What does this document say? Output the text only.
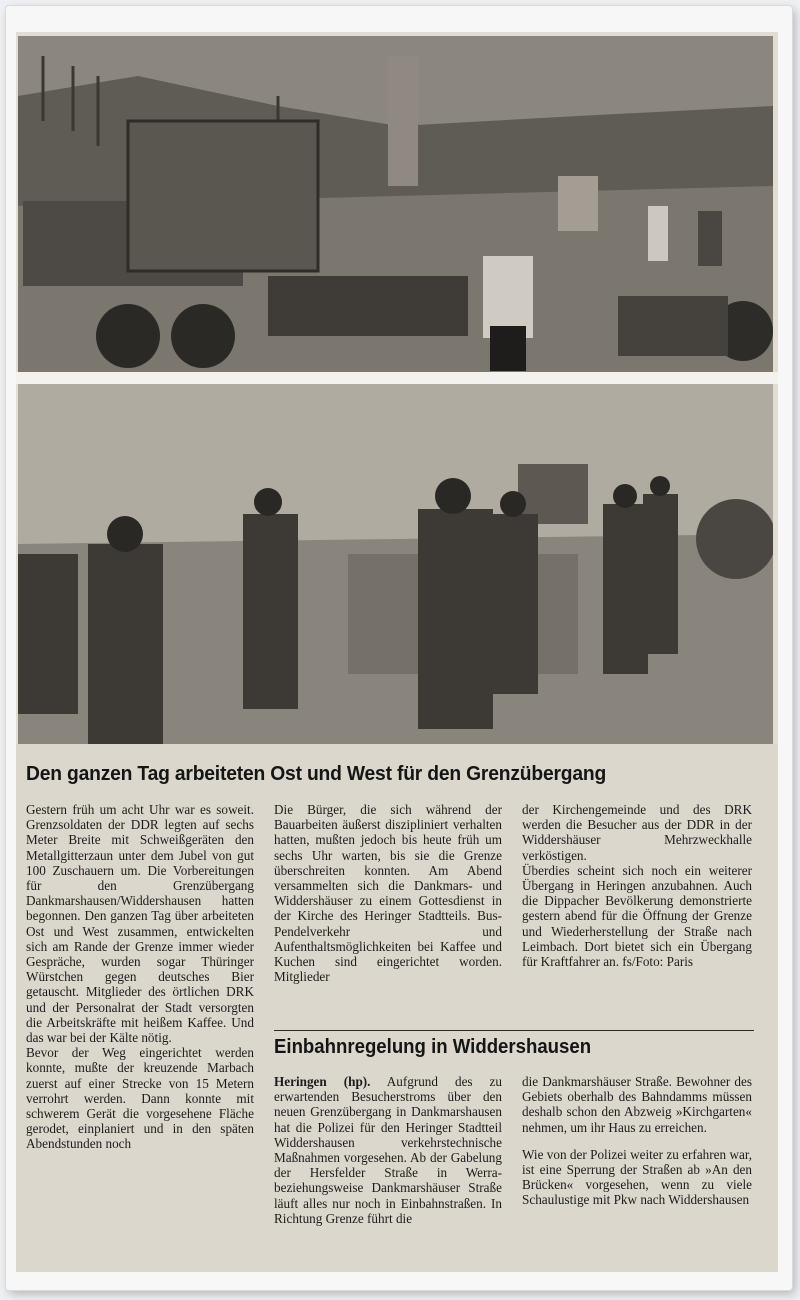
Den ganzen Tag arbeiteten Ost und West für den Grenzübergang

Gestern früh um acht Uhr war es soweit. Grenzsoldaten der DDR legten auf sechs Meter Breite mit Schweißgeräten den Metallgitterzaun unter dem Jubel von gut 100 Zuschauern um. Die Vorbereitungen für den Grenzübergang Dankmarshausen/Widdershausen hatten begonnen. Den ganzen Tag über arbeiteten Ost und West zusammen, entwickelten sich am Rande der Grenze immer wieder Gespräche, wurden sogar Thüringer Würstchen gegen deutsches Bier getauscht. Mitglieder des örtlichen DRK und der Personalrat der Stadt versorgten die Arbeitskräfte mit heißem Kaffee. Und das war bei der Kälte nötig.

Bevor der Weg eingerichtet werden konnte, mußte der kreuzende Marbach zuerst auf einer Strecke von 15 Metern verrohrt werden. Dann konnte mit schwerem Gerät die vorgesehene Fläche gerodet, einplaniert und in den späten Abendstunden noch

Die Bürger, die sich während der Bauarbeiten äußerst diszipliniert verhalten hatten, mußten jedoch bis heute früh um sechs Uhr warten, bis sie die Grenze überschreiten konnten. Am Abend versammelten sich die Dankmars- und Widdershäuser zu einem Gottesdienst in der Kirche des Heringer Stadtteils. Bus-Pendelverkehr und Aufenthaltsmöglichkeiten bei Kaffee und Kuchen sind eingerichtet worden. Mitglieder

der Kirchengemeinde und des DRK werden die Besucher aus der DDR in der Widdershäuser Mehrzweckhalle verköstigen.

Überdies scheint sich noch ein weiterer Übergang in Heringen anzubahnen. Auch die Dippacher Bevölkerung demonstrierte gestern abend für die Öffnung der Grenze und Wiederherstellung der Straße nach Leimbach. Dort bietet sich ein Übergang für Kraftfahrer an. fs/Foto: Paris

Einbahnregelung in Widdershausen

Heringen (hp). Aufgrund des zu erwartenden Besucherstroms über den neuen Grenzübergang in Dankmarshausen hat die Polizei für den Heringer Stadtteil Widdershausen verkehrstechnische Maßnahmen vorgesehen. Ab der Gabelung der Hersfelder Straße in Werra- beziehungsweise Dankmarshäuser Straße läuft alles nur noch in Einbahnstraßen. In Richtung Grenze führt die

die Dankmarshäuser Straße. Bewohner des Gebiets oberhalb des Bahndamms müssen deshalb schon den Abzweig »Kirchgarten« nehmen, um ihr Haus zu erreichen.

Wie von der Polizei weiter zu erfahren war, ist eine Sperrung der Straßen ab »An den Brücken« vorgesehen, wenn zu viele Schaulustige mit Pkw nach Widdershausen
